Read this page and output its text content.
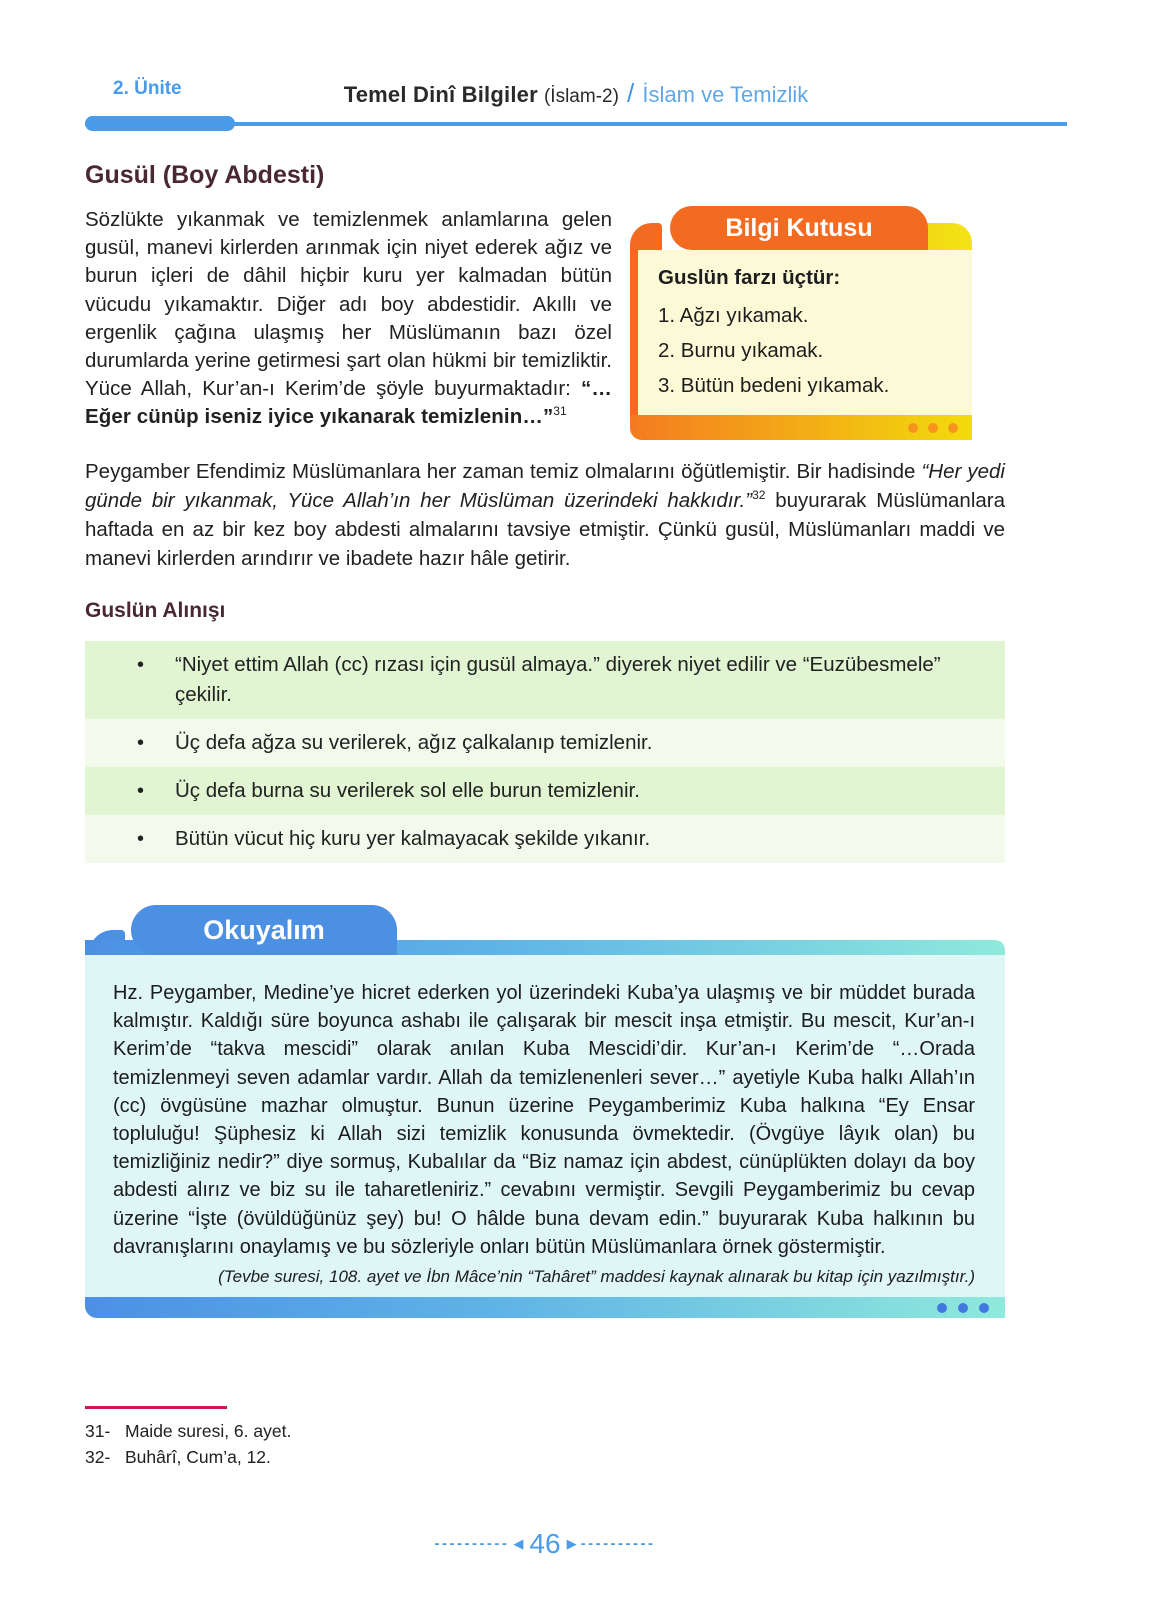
2. Ünite	Temel Dinî Bilgiler (İslam-2) / İslam ve Temizlik
Gusül (Boy Abdesti)

Sözlükte yıkanmak ve temizlenmek anlamlarına gelen gusül, manevi kirlerden arınmak için niyet ederek ağız ve burun içleri de dâhil hiçbir kuru yer kalmadan bütün vücudu yıkamaktır. Diğer adı boy abdestidir. Akıllı ve ergenlik çağına ulaşmış her Müslümanın bazı özel durumlarda yerine getirmesi şart olan hükmi bir temizliktir. Yüce Allah, Kur’an-ı Kerim’de şöyle buyurmaktadır: “…Eğer cünüp iseniz iyice yıkanarak temizlenin…”$^{31}$

Bilgi Kutusu

Guslün farzı üçtür:

1. Ağzı yıkamak.

2. Burnu yıkamak.

3. Bütün bedeni yıkamak.

Peygamber Efendimiz Müslümanlara her zaman temiz olmalarını öğütlemiştir. Bir hadisinde “Her yedi günde bir yıkanmak, Yüce Allah’ın her Müslüman üzerindeki hakkıdır.”$^{32}$ buyurarak Müslümanlara haftada en az bir kez boy abdesti almalarını tavsiye etmiştir. Çünkü gusül, Müslümanları maddi ve manevi kirlerden arındırır ve ibadete hazır hâle getirir.

Guslün Alınışı
• “Niyet ettim Allah (cc) rızası için gusül almaya.” diyerek niyet edilir ve “Euzübesmele” çekilir.
• Üç defa ağza su verilerek, ağız çalkalanıp temizlenir.
• Üç defa burna su verilerek sol elle burun temizlenir.
• Bütün vücut hiç kuru yer kalmayacak şekilde yıkanır.
Okuyalım

Hz. Peygamber, Medine’ye hicret ederken yol üzerindeki Kuba’ya ulaşmış ve bir müddet burada kalmıştır. Kaldığı süre boyunca ashabı ile çalışarak bir mescit inşa etmiştir. Bu mescit, Kur’an-ı Kerim’de “takva mescidi” olarak anılan Kuba Mescidi’dir. Kur’an-ı Kerim’de “…Orada temizlenmeyi seven adamlar vardır. Allah da temizlenenleri sever…” ayetiyle Kuba halkı Allah’ın (cc) övgüsüne mazhar olmuştur. Bunun üzerine Peygamberimiz Kuba halkına “Ey Ensar topluluğu! Şüphesiz ki Allah sizi temizlik konusunda övmektedir. (Övgüye lâyık olan) bu temizliğiniz nedir?” diye sormuş, Kubalılar da “Biz namaz için abdest, cünüplükten dolayı da boy abdesti alırız ve biz su ile taharetleniriz.” cevabını vermiştir. Sevgili Peygamberimiz bu cevap üzerine “İşte (övüldüğünüz şey) bu! O hâlde buna devam edin.” buyurarak Kuba halkının bu davranışlarını onaylamış ve bu sözleriyle onları bütün Müslümanlara örnek göstermiştir.

(Tevbe suresi, 108. ayet ve İbn Mâce’nin “Tahâret” maddesi kaynak alınarak bu kitap için yazılmıştır.)

31- Maide suresi, 6. ayet.
32- Buhârî, Cum’a, 12.
---------- ◀ 46 ▶ ----------
